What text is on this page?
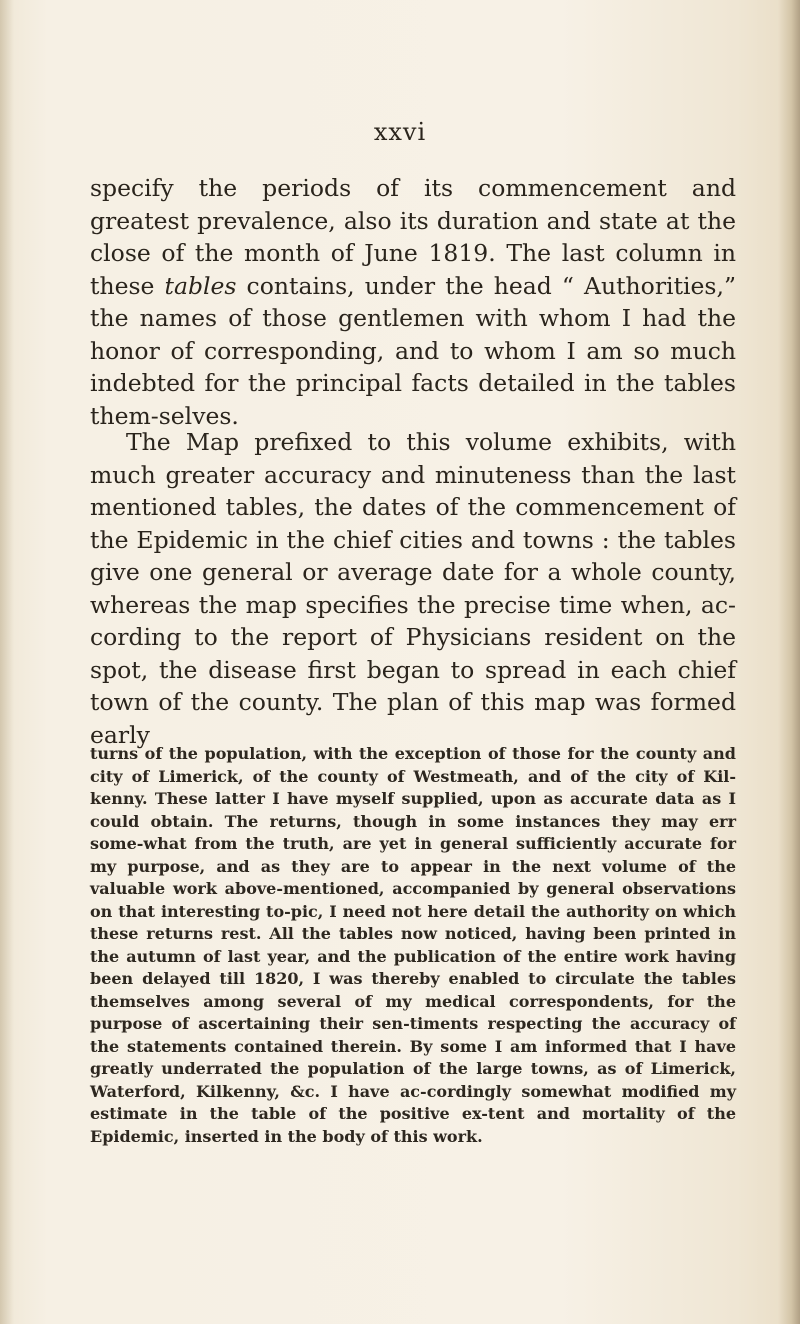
xxvi
specify the periods of its commencement and greatest prevalence, also its duration and state at the close of the month of June 1819. The last column in these tables contains, under the head “ Authorities,” the names of those gentlemen with whom I had the honor of corresponding, and to whom I am so much indebted for the principal facts detailed in the tables them-selves.
The Map prefixed to this volume exhibits, with much greater accuracy and minuteness than the last mentioned tables, the dates of the commencement of the Epidemic in the chief cities and towns : the tables give one general or average date for a whole county, whereas the map specifies the precise time when, ac-cording to the report of Physicians resident on the spot, the disease first began to spread in each chief town of the county. The plan of this map was formed early
turns of the population, with the exception of those for the county and city of Limerick, of the county of Westmeath, and of the city of Kil-kenny. These latter I have myself supplied, upon as accurate data as I could obtain. The returns, though in some instances they may err some-what from the truth, are yet in general sufficiently accurate for my purpose, and as they are to appear in the next volume of the valuable work above-mentioned, accompanied by general observations on that interesting to-pic, I need not here detail the authority on which these returns rest. All the tables now noticed, having been printed in the autumn of last year, and the publication of the entire work having been delayed till 1820, I was thereby enabled to circulate the tables themselves among several of my medical correspondents, for the purpose of ascertaining their sen-timents respecting the accuracy of the statements contained therein. By some I am informed that I have greatly underrated the population of the large towns, as of Limerick, Waterford, Kilkenny, &c. I have ac-cordingly somewhat modified my estimate in the table of the positive ex-tent and mortality of the Epidemic, inserted in the body of this work.
